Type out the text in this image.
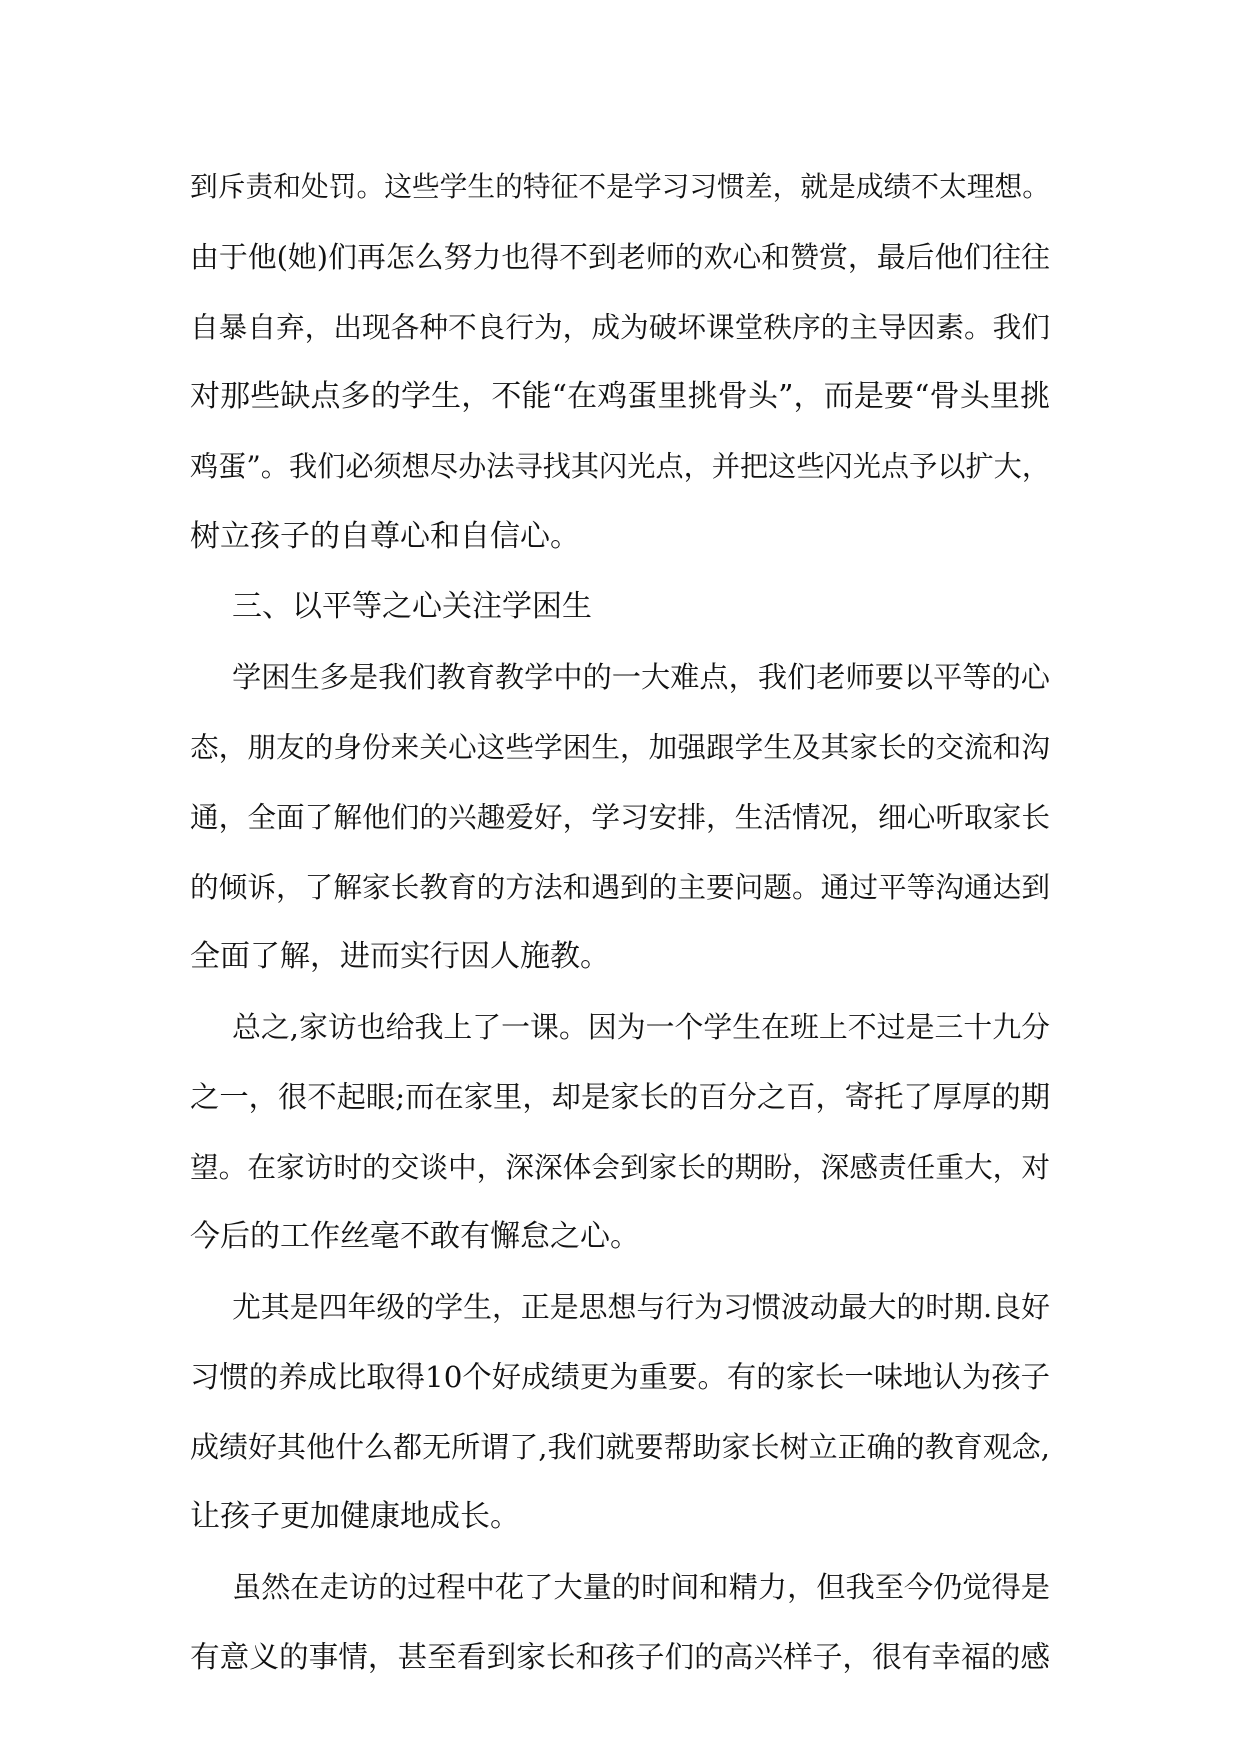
到斥责和处罚。这些学生的特征不是学习习惯差，就是成绩不太理想。
由于他(她)们再怎么努力也得不到老师的欢心和赞赏，最后他们往往
自暴自弃，出现各种不良行为，成为破坏课堂秩序的主导因素。我们
对那些缺点多的学生，不能“在鸡蛋里挑骨头”，而是要“骨头里挑
鸡蛋”。我们必须想尽办法寻找其闪光点，并把这些闪光点予以扩大，
树立孩子的自尊心和自信心。
三、以平等之心关注学困生
学困生多是我们教育教学中的一大难点，我们老师要以平等的心
态，朋友的身份来关心这些学困生，加强跟学生及其家长的交流和沟
通，全面了解他们的兴趣爱好，学习安排，生活情况，细心听取家长
的倾诉，了解家长教育的方法和遇到的主要问题。通过平等沟通达到
全面了解，进而实行因人施教。
总之,家访也给我上了一课。因为一个学生在班上不过是三十九分
之一，很不起眼;而在家里，却是家长的百分之百，寄托了厚厚的期
望。在家访时的交谈中，深深体会到家长的期盼，深感责任重大，对
今后的工作丝毫不敢有懈怠之心。
尤其是四年级的学生，正是思想与行为习惯波动最大的时期.良好
习惯的养成比取得10个好成绩更为重要。有的家长一味地认为孩子
成绩好其他什么都无所谓了,我们就要帮助家长树立正确的教育观念,
让孩子更加健康地成长。
虽然在走访的过程中花了大量的时间和精力，但我至今仍觉得是
有意义的事情，甚至看到家长和孩子们的高兴样子，很有幸福的感
